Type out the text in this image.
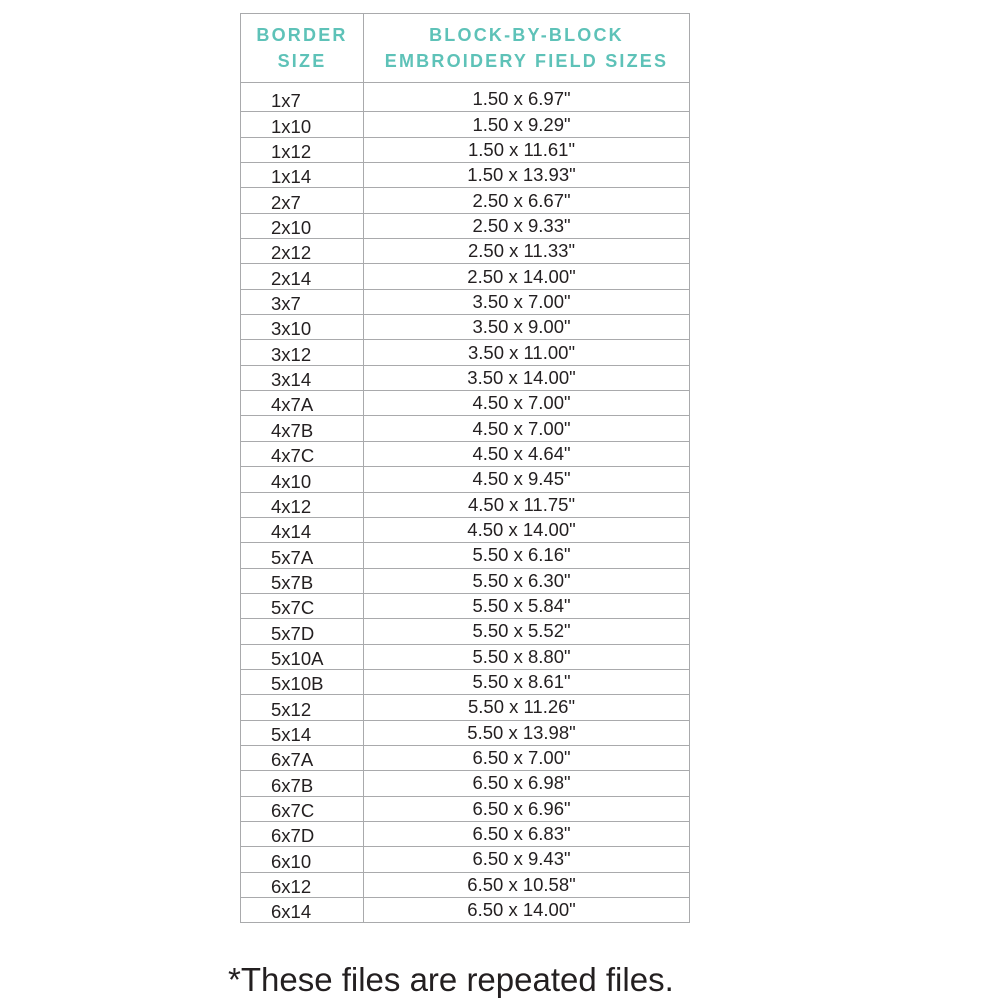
BORDER
SIZE	BLOCK-BY-BLOCK
EMBROIDERY FIELD SIZES
1x7	1.50 x 6.97"
1x10	1.50 x 9.29"
1x12	1.50 x 11.61"
1x14	1.50 x 13.93"
2x7	2.50 x 6.67"
2x10	2.50 x 9.33"
2x12	2.50 x 11.33"
2x14	2.50 x 14.00"
3x7	3.50 x 7.00"
3x10	3.50 x 9.00"
3x12	3.50 x 11.00"
3x14	3.50 x 14.00"
4x7A	4.50 x 7.00"
4x7B	4.50 x 7.00"
4x7C	4.50 x 4.64"
4x10	4.50 x 9.45"
4x12	4.50 x 11.75"
4x14	4.50 x 14.00"
5x7A	5.50 x 6.16"
5x7B	5.50 x 6.30"
5x7C	5.50 x 5.84"
5x7D	5.50 x 5.52"
5x10A	5.50 x 8.80"
5x10B	5.50 x 8.61"
5x12	5.50 x 11.26"
5x14	5.50 x 13.98"
6x7A	6.50 x 7.00"
6x7B	6.50 x 6.98"
6x7C	6.50 x 6.96"
6x7D	6.50 x 6.83"
6x10	6.50 x 9.43"
6x12	6.50 x 10.58"
6x14	6.50 x 14.00"
*These files are repeated files.
